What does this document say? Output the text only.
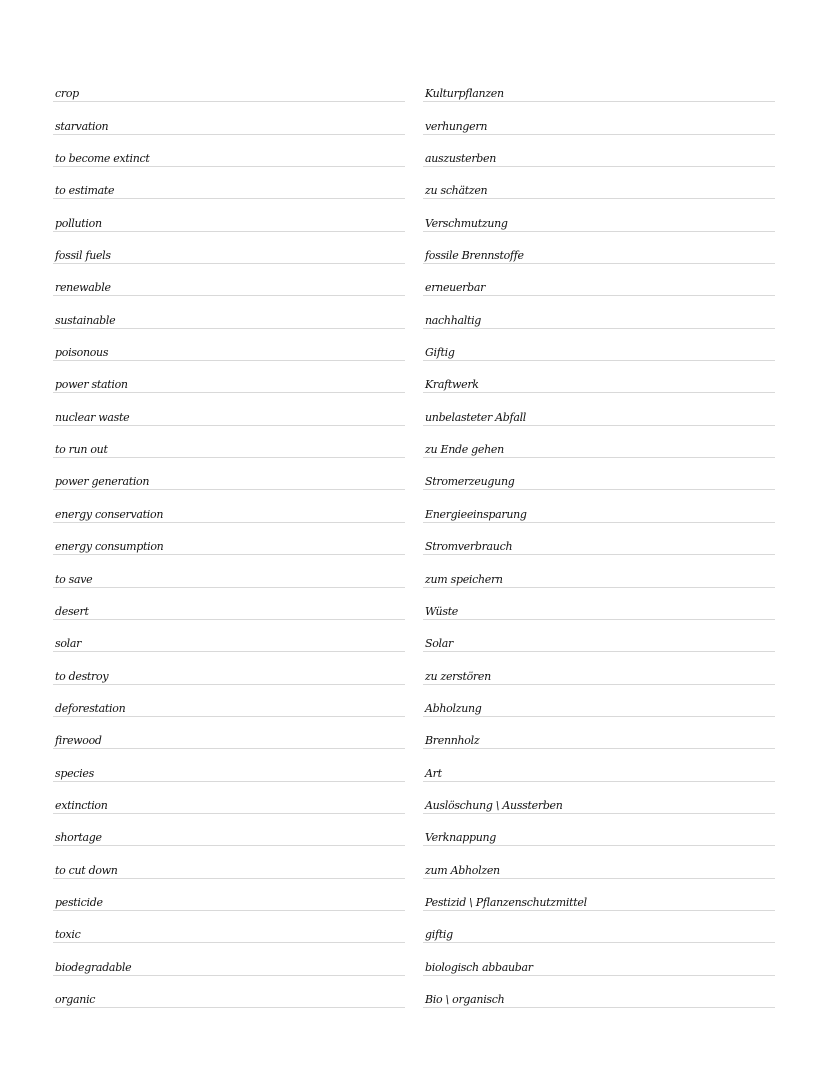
crop
starvation
to become extinct
to estimate
pollution
fossil fuels
renewable
sustainable
poisonous
power station
nuclear waste
to run out
power generation
energy conservation
energy consumption
to save
desert
solar
to destroy
deforestation
firewood
species
extinction
shortage
to cut down
pesticide
toxic
biodegradable
organic
Kulturpflanzen
verhungern
auszusterben
zu schätzen
Verschmutzung
fossile Brennstoffe
erneuerbar
nachhaltig
Giftig
Kraftwerk
unbelasteter Abfall
zu Ende gehen
Stromerzeugung
Energieeinsparung
Stromverbrauch
zum speichern
Wüste
Solar
zu zerstören
Abholzung
Brennholz
Art
Auslöschung \ Aussterben
Verknappung
zum Abholzen
Pestizid \ Pflanzenschutzmittel
giftig
biologisch abbaubar
Bio \ organisch
